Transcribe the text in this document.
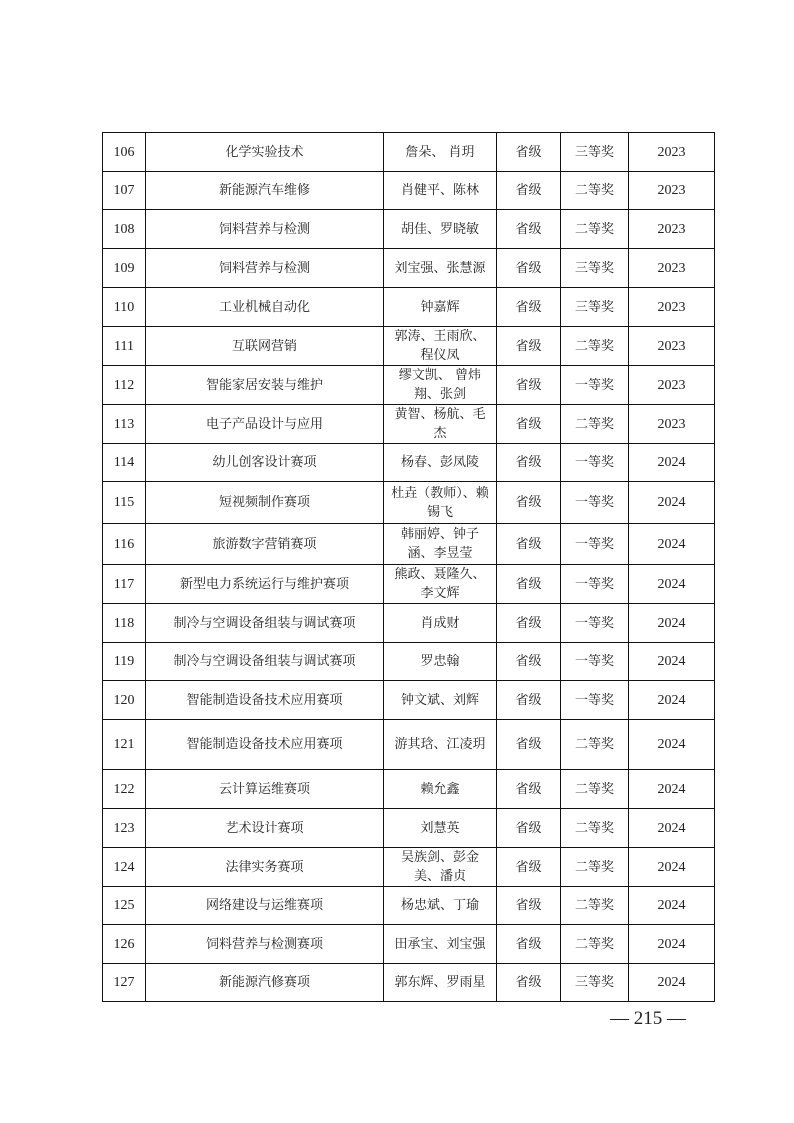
106	化学实验技术	詹朵、 肖玥	省级	三等奖	2023
107	新能源汽车维修	肖健平、陈林	省级	二等奖	2023
108	饲料营养与检测	胡佳、罗晓敏	省级	二等奖	2023
109	饲料营养与检测	刘宝强、张慧源	省级	三等奖	2023
110	工业机械自动化	钟嘉辉	省级	三等奖	2023
111	互联网营销	郭涛、王雨欣、程仪凤	省级	二等奖	2023
112	智能家居安装与维护	缪文凯、 曾炜翔、张剑	省级	一等奖	2023
113	电子产品设计与应用	黄智、杨航、毛杰	省级	二等奖	2023
114	幼儿创客设计赛项	杨春、彭凤陵	省级	一等奖	2024
115	短视频制作赛项	杜垚（教师）、赖锡飞	省级	一等奖	2024
116	旅游数字营销赛项	韩丽婷、钟子涵、李昱莹	省级	一等奖	2024
117	新型电力系统运行与维护赛项	熊政、聂隆久、李文辉	省级	一等奖	2024
118	制冷与空调设备组装与调试赛项	肖成财	省级	一等奖	2024
119	制冷与空调设备组装与调试赛项	罗忠翰	省级	一等奖	2024
120	智能制造设备技术应用赛项	钟文斌、刘辉	省级	一等奖	2024
121	智能制造设备技术应用赛项	游其琀、江凌玥	省级	二等奖	2024
122	云计算运维赛项	赖允鑫	省级	二等奖	2024
123	艺术设计赛项	刘慧英	省级	二等奖	2024
124	法律实务赛项	吴族剑、彭金美、潘贞	省级	二等奖	2024
125	网络建设与运维赛项	杨忠斌、丁瑜	省级	二等奖	2024
126	饲料营养与检测赛项	田承宝、刘宝强	省级	二等奖	2024
127	新能源汽修赛项	郭东辉、罗雨星	省级	三等奖	2024
— 215 —
